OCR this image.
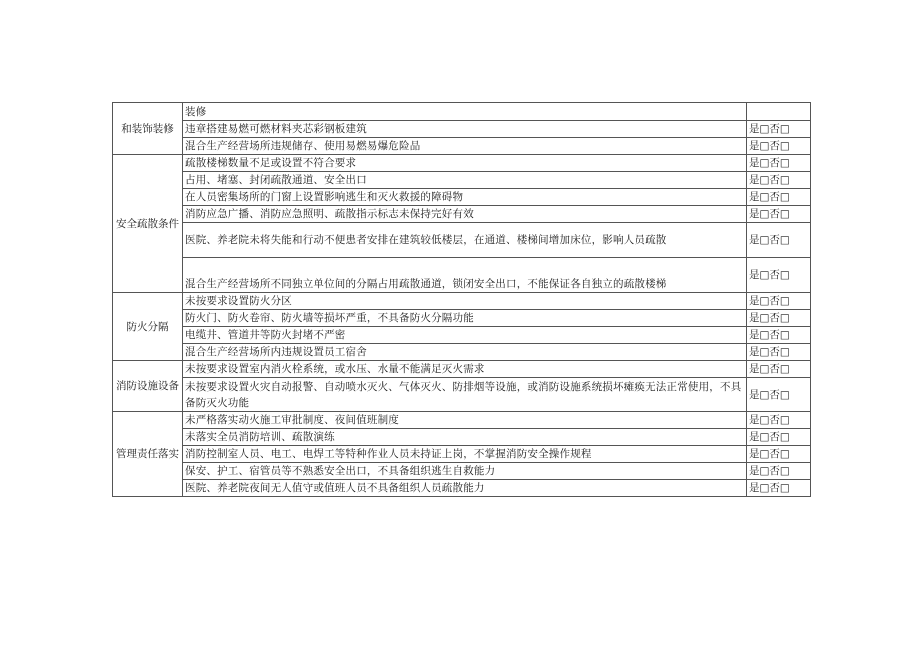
和装饰装修	装修	
	违章搭建易燃可燃材料夹芯彩钢板建筑	是□否□
	混合生产经营场所违规储存、使用易燃易爆危险品	是□否□
安全疏散条件	疏散楼梯数量不足或设置不符合要求	是□否□
	占用、堵塞、封闭疏散通道、安全出口	是□否□
	在人员密集场所的门窗上设置影响逃生和灭火救援的障碍物	是□否□
	消防应急广播、消防应急照明、疏散指示标志未保持完好有效	是□否□
	医院、养老院未将失能和行动不便患者安排在建筑较低楼层，在通道、楼梯间增加床位，影响人员疏散	是□否□
	混合生产经营场所不同独立单位间的分隔占用疏散通道，锁闭安全出口，不能保证各自独立的疏散楼梯	是□否□
防火分隔	未按要求设置防火分区	是□否□
	防火门、防火卷帘、防火墙等损坏严重，不具备防火分隔功能	是□否□
	电缆井、管道井等防火封堵不严密	是□否□
	混合生产经营场所内违规设置员工宿舍	是□否□
消防设施设备	未按要求设置室内消火栓系统，或水压、水量不能满足灭火需求	是□否□
	未按要求设置火灾自动报警、自动喷水灭火、气体灭火、防排烟等设施，或消防设施系统损坏瘫痪无法正常使用，不具备防灭火功能	是□否□
管理责任落实	未严格落实动火施工审批制度、夜间值班制度	是□否□
	未落实全员消防培训、疏散演练	是□否□
	消防控制室人员、电工、电焊工等特种作业人员未持证上岗，不掌握消防安全操作规程	是□否□
	保安、护工、宿管员等不熟悉安全出口，不具备组织逃生自救能力	是□否□
	医院、养老院夜间无人值守或值班人员不具备组织人员疏散能力	是□否□
